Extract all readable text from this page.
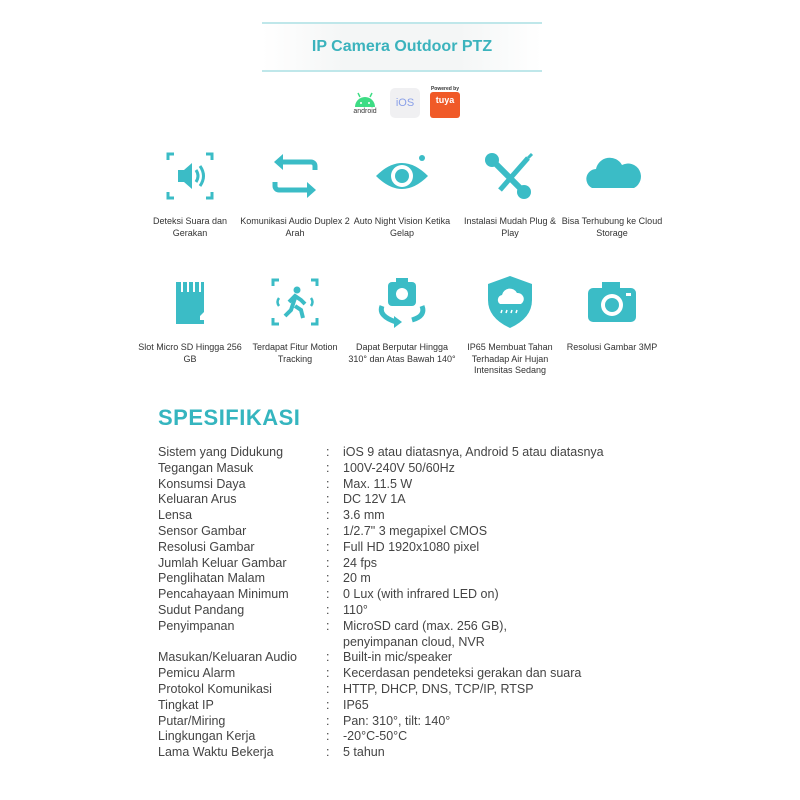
IP Camera Outdoor PTZ
android
iOS
Powered by
tuya
Deteksi Suara dan Gerakan
Komunikasi Audio Duplex 2 Arah
Auto Night Vision Ketika Gelap
Instalasi Mudah Plug & Play
Bisa Terhubung ke Cloud Storage
Slot Micro SD Hingga 256 GB
Terdapat Fitur Motion Tracking
Dapat Berputar Hingga 310° dan Atas Bawah 140°
IP65 Membuat Tahan Terhadap Air Hujan Intensitas Sedang
Resolusi Gambar 3MP
SPESIFIKASI
Sistem yang Didukung	:	iOS 9 atau diatasnya, Android 5 atau diatasnya
Tegangan Masuk	:	100V-240V 50/60Hz
Konsumsi Daya	:	Max. 11.5 W
Keluaran Arus	:	DC 12V 1A
Lensa	:	3.6 mm
Sensor Gambar	:	1/2.7" 3 megapixel CMOS
Resolusi Gambar	:	Full HD 1920x1080 pixel
Jumlah Keluar Gambar	:	24 fps
Penglihatan Malam	:	20 m
Pencahayaan Minimum	:	0 Lux (with infrared LED on)
Sudut Pandang	:	110°
Penyimpanan	:	MicroSD card (max. 256 GB),
penyimpanan cloud, NVR
Masukan/Keluaran Audio	:	Built-in mic/speaker
Pemicu Alarm	:	Kecerdasan pendeteksi gerakan dan suara
Protokol Komunikasi	:	HTTP, DHCP, DNS, TCP/IP, RTSP
Tingkat IP	:	IP65
Putar/Miring	:	Pan: 310°, tilt: 140°
Lingkungan Kerja	:	-20°C-50°C
Lama Waktu Bekerja	:	5 tahun
